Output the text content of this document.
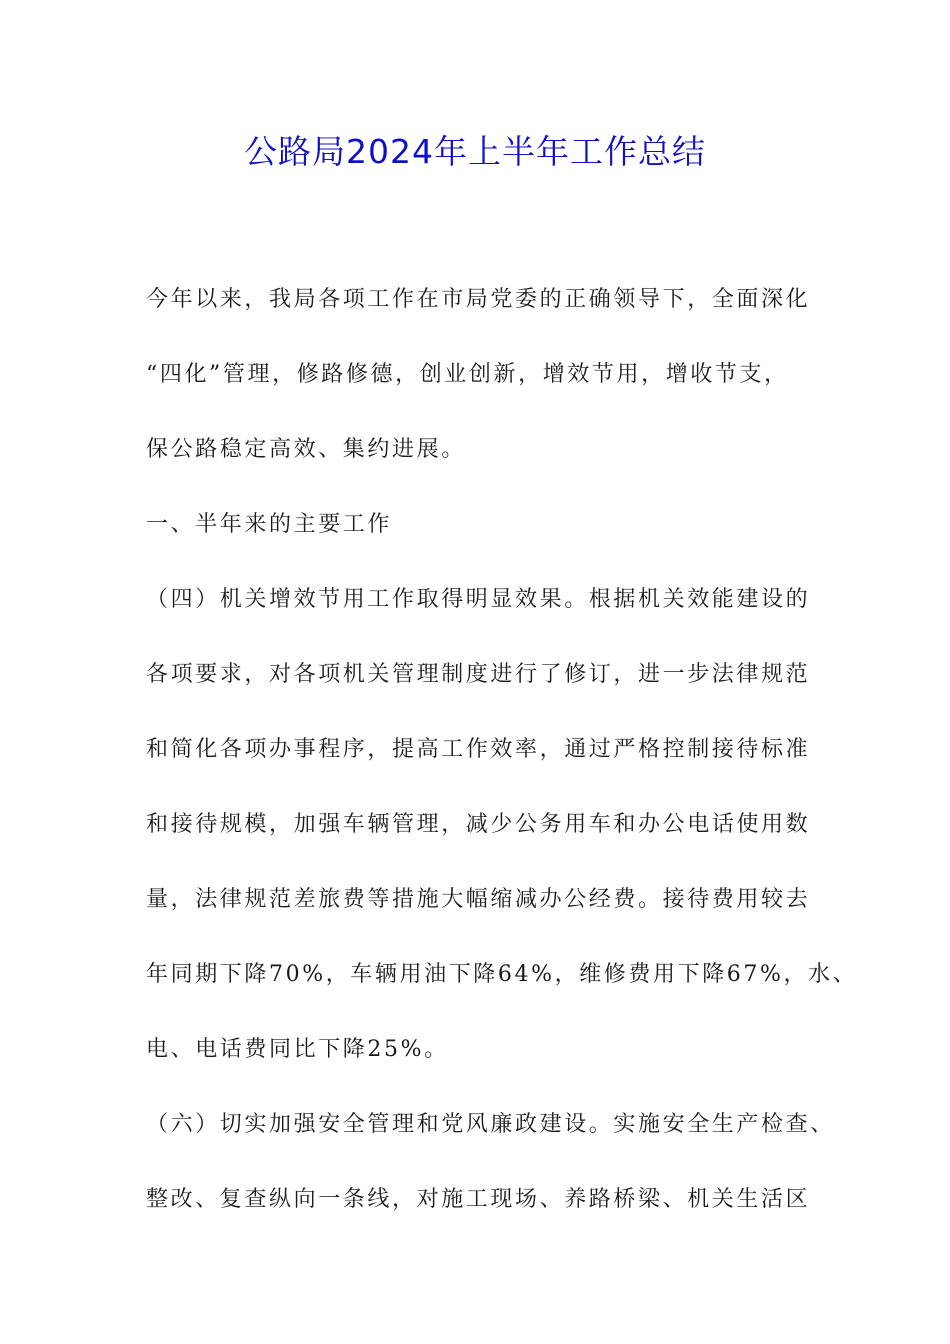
公路局2024年上半年工作总结

今年以来，我局各项工作在市局党委的正确领导下，全面深化

“四化”管理，修路修德，创业创新，增效节用，增收节支，

保公路稳定高效、集约进展。

一、半年来的主要工作

（四）机关增效节用工作取得明显效果。根据机关效能建设的

各项要求，对各项机关管理制度进行了修订，进一步法律规范

和简化各项办事程序，提高工作效率，通过严格控制接待标准

和接待规模，加强车辆管理，减少公务用车和办公电话使用数

量，法律规范差旅费等措施大幅缩减办公经费。接待费用较去

年同期下降70%，车辆用油下降64%，维修费用下降67%，水、

电、电话费同比下降25%。

（六）切实加强安全管理和党风廉政建设。实施安全生产检查、

整改、复查纵向一条线，对施工现场、养路桥梁、机关生活区
